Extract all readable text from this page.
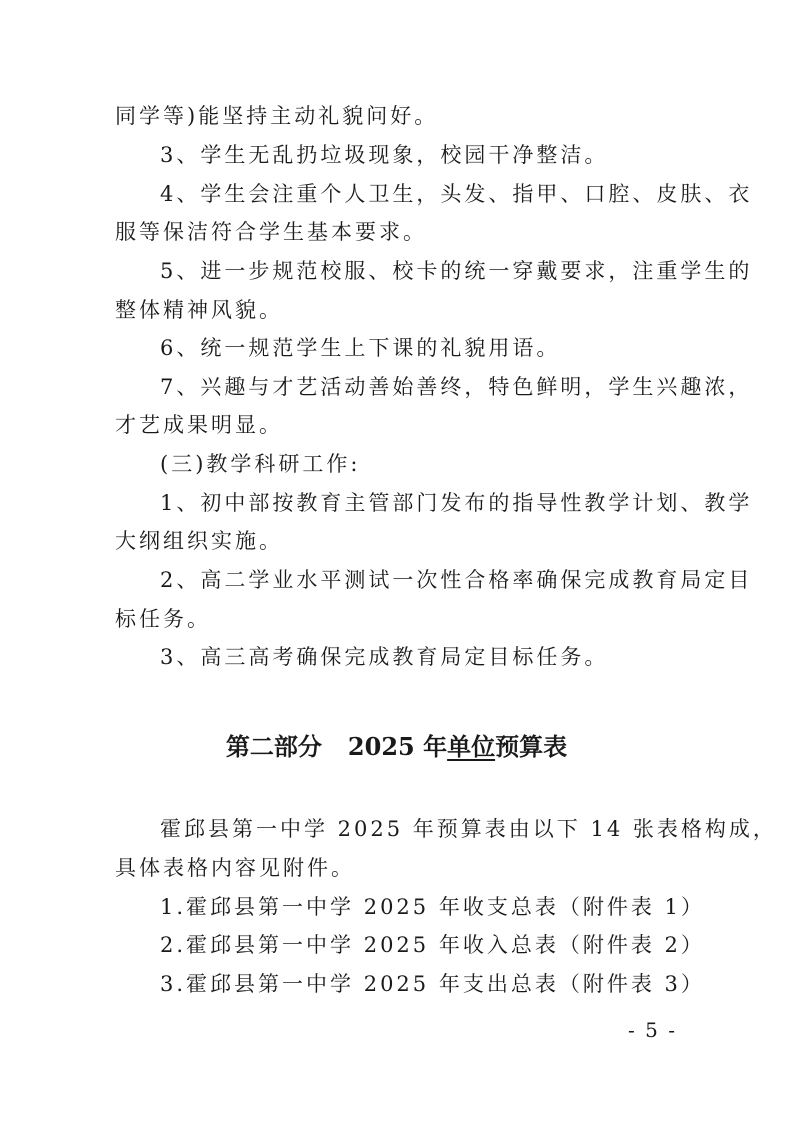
同学等)能坚持主动礼貌问好。
3、学生无乱扔垃圾现象，校园干净整洁。
4、学生会注重个人卫生，头发、指甲、口腔、皮肤、衣
服等保洁符合学生基本要求。
5、进一步规范校服、校卡的统一穿戴要求，注重学生的
整体精神风貌。
6、统一规范学生上下课的礼貌用语。
7、兴趣与才艺活动善始善终，特色鲜明，学生兴趣浓，
才艺成果明显。
(三)教学科研工作:
1、初中部按教育主管部门发布的指导性教学计划、教学
大纲组织实施。
2、高二学业水平测试一次性合格率确保完成教育局定目
标任务。
3、高三高考确保完成教育局定目标任务。
第二部分 2025 年单位预算表
霍邱县第一中学 2025 年预算表由以下 14 张表格构成，
具体表格内容见附件。
1.霍邱县第一中学 2025 年收支总表（附件表 1）
2.霍邱县第一中学 2025 年收入总表（附件表 2）
3.霍邱县第一中学 2025 年支出总表（附件表 3）
- 5 -
